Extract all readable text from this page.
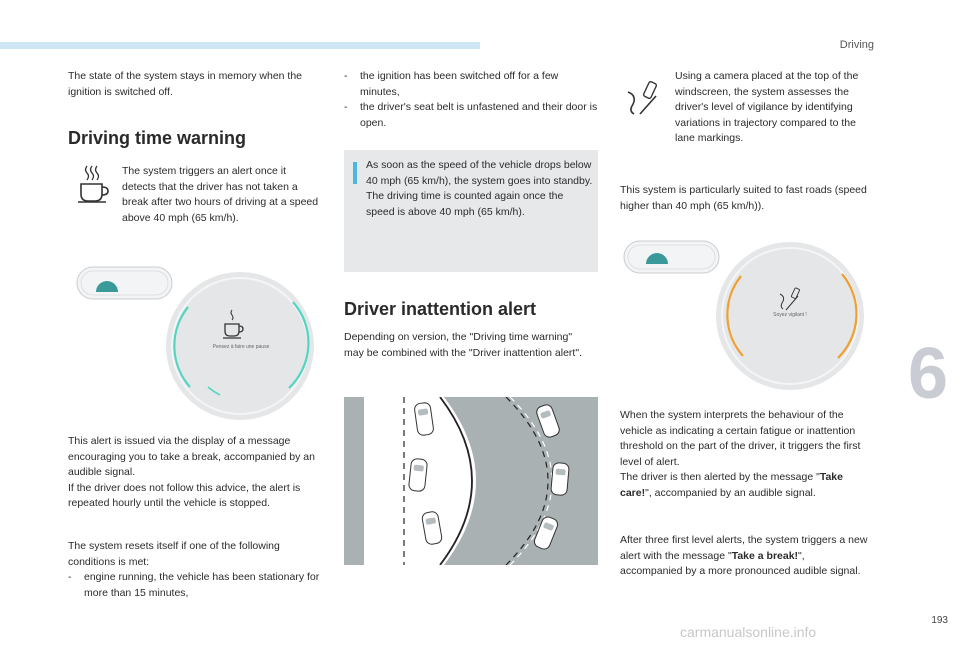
Driving
The state of the system stays in memory when the ignition is switched off.
Driving time warning
The system triggers an alert once it detects that the driver has not taken a break after two hours of driving at a speed above 40 mph (65 km/h).
Pensez à faire une pause
This alert is issued via the display of a message encouraging you to take a break, accompanied by an audible signal.
If the driver does not follow this advice, the alert is repeated hourly until the vehicle is stopped.
The system resets itself if one of the following conditions is met:
- engine running, the vehicle has been stationary for more than 15 minutes,
- the ignition has been switched off for a few minutes,
- the driver's seat belt is unfastened and their door is open.
As soon as the speed of the vehicle drops below 40 mph (65 km/h), the system goes into standby.
The driving time is counted again once the speed is above 40 mph (65 km/h).
Driver inattention alert
Depending on version, the "Driving time warning" may be combined with the "Driver inattention alert".
Using a camera placed at the top of the windscreen, the system assesses the driver's level of vigilance by identifying variations in trajectory compared to the lane markings.
This system is particularly suited to fast roads (speed higher than 40 mph (65 km/h)).
Soyez vigilant !
When the system interprets the behaviour of the vehicle as indicating a certain fatigue or inattention threshold on the part of the driver, it triggers the first level of alert.
The driver is then alerted by the message "Take care!", accompanied by an audible signal.
After three first level alerts, the system triggers a new alert with the message "Take a break!", accompanied by a more pronounced audible signal.
6
193
carmanualsonline.info
